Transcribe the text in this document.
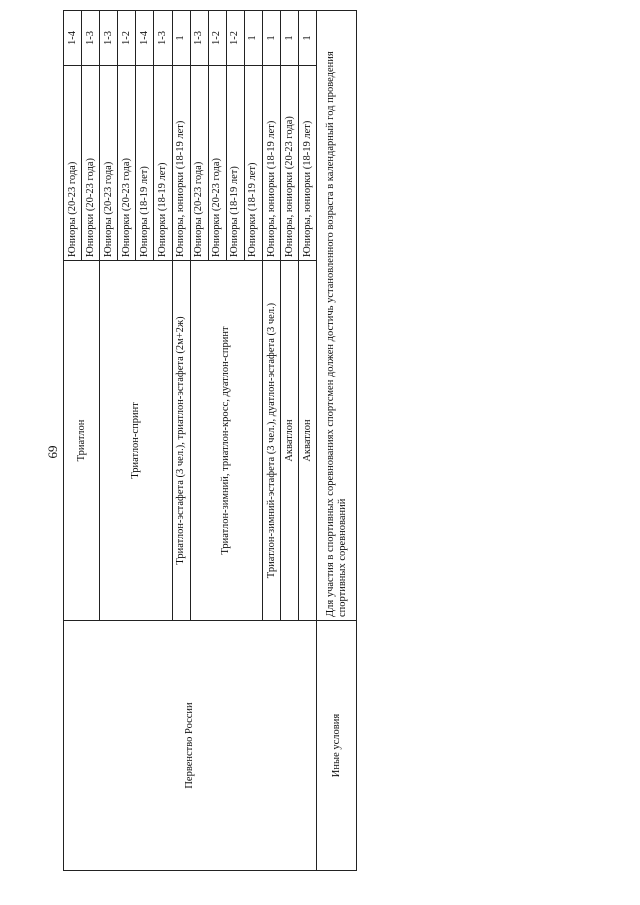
69
Первенство России	Триатлон	Юниоры (20-23 года)	1-4
		Юниорки (20-23 года)	1-3
	Триатлон-спринт	Юниоры (20-23 года)	1-3
		Юниорки (20-23 года)	1-2
		Юниоры (18-19 лет)	1-4
		Юниорки (18-19 лет)	1-3
	Триатлон-эстафета (3 чел.), триатлон-эстафета (2м+2ж)	Юниоры, юниорки (18-19 лет)	1
	Триатлон-зимний, триатлон-кросс, дуатлон-спринт	Юниоры (20-23 года)	1-3
		Юниорки (20-23 года)	1-2
		Юниоры (18-19 лет)	1-2
		Юниорки (18-19 лет)	1
	Триатлон-зимний-эстафета (3 чел.), дуатлон-эстафета (3 чел.)	Юниоры, юниорки (18-19 лет)	1
	Акватлон	Юниоры, юниорки (20-23 года)	1
	Акватлон	Юниоры, юниорки (18-19 лет)	1
Иные условия	Для участия в спортивных соревнованиях спортсмен должен достичь установленного возраста в календарный год проведения спортивных соревнований		
